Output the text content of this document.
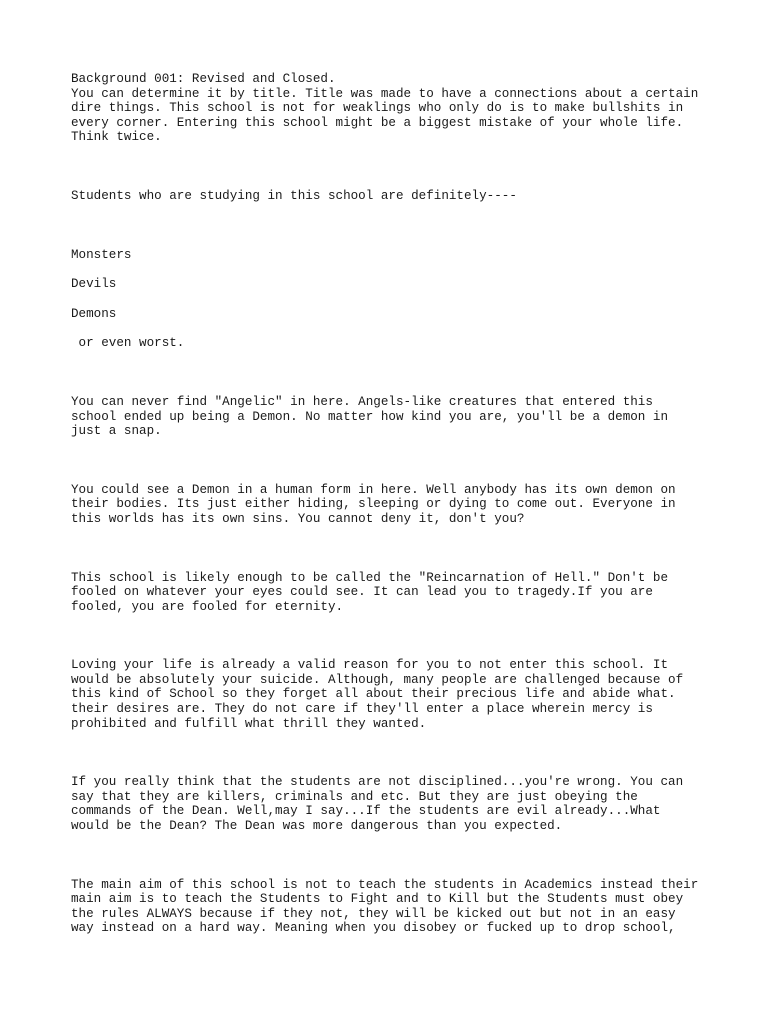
Background 001: Revised and Closed.
You can determine it by title. Title was made to have a connections about a certain
dire things. This school is not for weaklings who only do is to make bullshits in
every corner. Entering this school might be a biggest mistake of your whole life.
Think twice.
Students who are studying in this school are definitely----
Monsters
Devils
Demons
or even worst.
You can never find "Angelic" in here. Angels-like creatures that entered this
school ended up being a Demon. No matter how kind you are, you'll be a demon in
just a snap.
You could see a Demon in a human form in here. Well anybody has its own demon on
their bodies. Its just either hiding, sleeping or dying to come out. Everyone in
this worlds has its own sins. You cannot deny it, don't you?
This school is likely enough to be called the "Reincarnation of Hell." Don't be
fooled on whatever your eyes could see. It can lead you to tragedy.If you are
fooled, you are fooled for eternity.
Loving your life is already a valid reason for you to not enter this school. It
would be absolutely your suicide. Although, many people are challenged because of
this kind of School so they forget all about their precious life and abide what.
their desires are. They do not care if they'll enter a place wherein mercy is
prohibited and fulfill what thrill they wanted.
If you really think that the students are not disciplined...you're wrong. You can
say that they are killers, criminals and etc. But they are just obeying the
commands of the Dean. Well,may I say...If the students are evil already...What
would be the Dean? The Dean was more dangerous than you expected.
The main aim of this school is not to teach the students in Academics instead their
main aim is to teach the Students to Fight and to Kill but the Students must obey
the rules ALWAYS because if they not, they will be kicked out but not in an easy
way instead on a hard way. Meaning when you disobey or fucked up to drop school,
